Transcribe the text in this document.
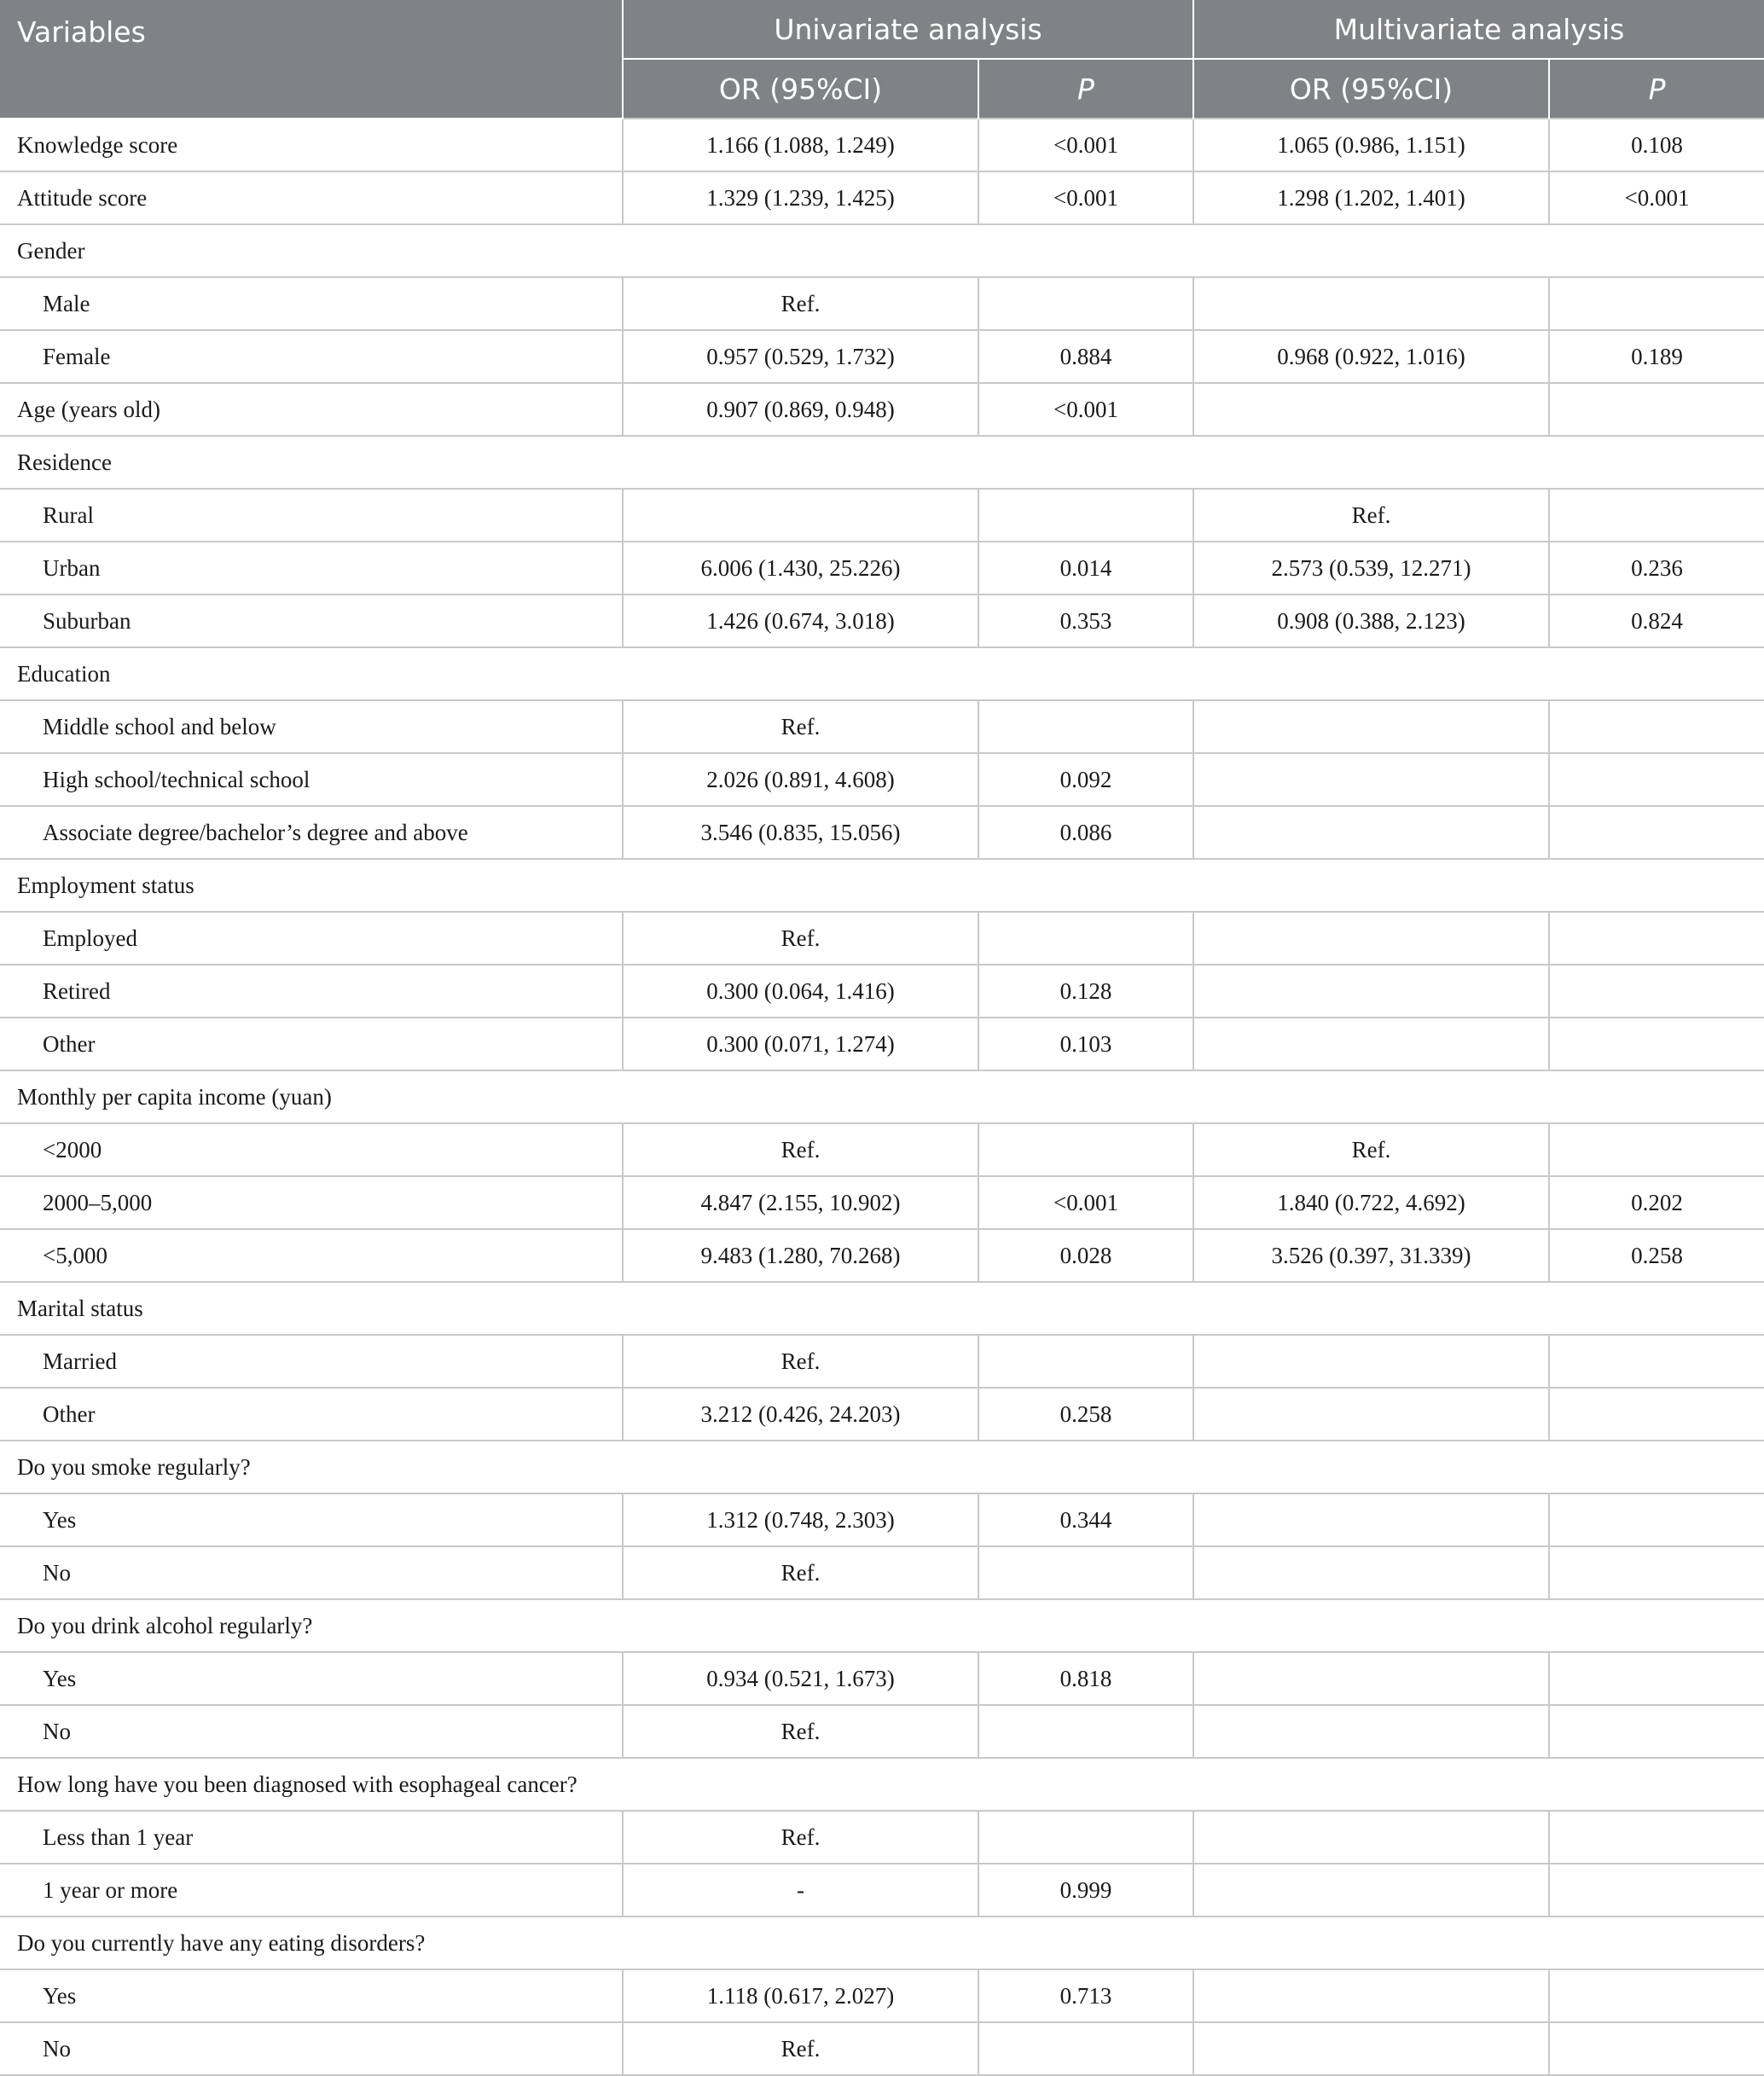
Variables	Univariate analysis		Multivariate analysis	
	OR (95%CI)	P	OR (95%CI)	P
Knowledge score	1.166 (1.088, 1.249)	<0.001	1.065 (0.986, 1.151)	0.108
Attitude score	1.329 (1.239, 1.425)	<0.001	1.298 (1.202, 1.401)	<0.001
Gender				
Male	Ref.			
Female	0.957 (0.529, 1.732)	0.884	0.968 (0.922, 1.016)	0.189
Age (years old)	0.907 (0.869, 0.948)	<0.001		
Residence				
Rural			Ref.	
Urban	6.006 (1.430, 25.226)	0.014	2.573 (0.539, 12.271)	0.236
Suburban	1.426 (0.674, 3.018)	0.353	0.908 (0.388, 2.123)	0.824
Education				
Middle school and below	Ref.			
High school/technical school	2.026 (0.891, 4.608)	0.092		
Associate degree/bachelor’s degree and above	3.546 (0.835, 15.056)	0.086		
Employment status				
Employed	Ref.			
Retired	0.300 (0.064, 1.416)	0.128		
Other	0.300 (0.071, 1.274)	0.103		
Monthly per capita income (yuan)				
<2000	Ref.		Ref.	
2000–5,000	4.847 (2.155, 10.902)	<0.001	1.840 (0.722, 4.692)	0.202
<5,000	9.483 (1.280, 70.268)	0.028	3.526 (0.397, 31.339)	0.258
Marital status				
Married	Ref.			
Other	3.212 (0.426, 24.203)	0.258		
Do you smoke regularly?				
Yes	1.312 (0.748, 2.303)	0.344		
No	Ref.			
Do you drink alcohol regularly?				
Yes	0.934 (0.521, 1.673)	0.818		
No	Ref.			
How long have you been diagnosed with esophageal cancer?				
Less than 1 year	Ref.			
1 year or more	-	0.999		
Do you currently have any eating disorders?				
Yes	1.118 (0.617, 2.027)	0.713		
No	Ref.			
